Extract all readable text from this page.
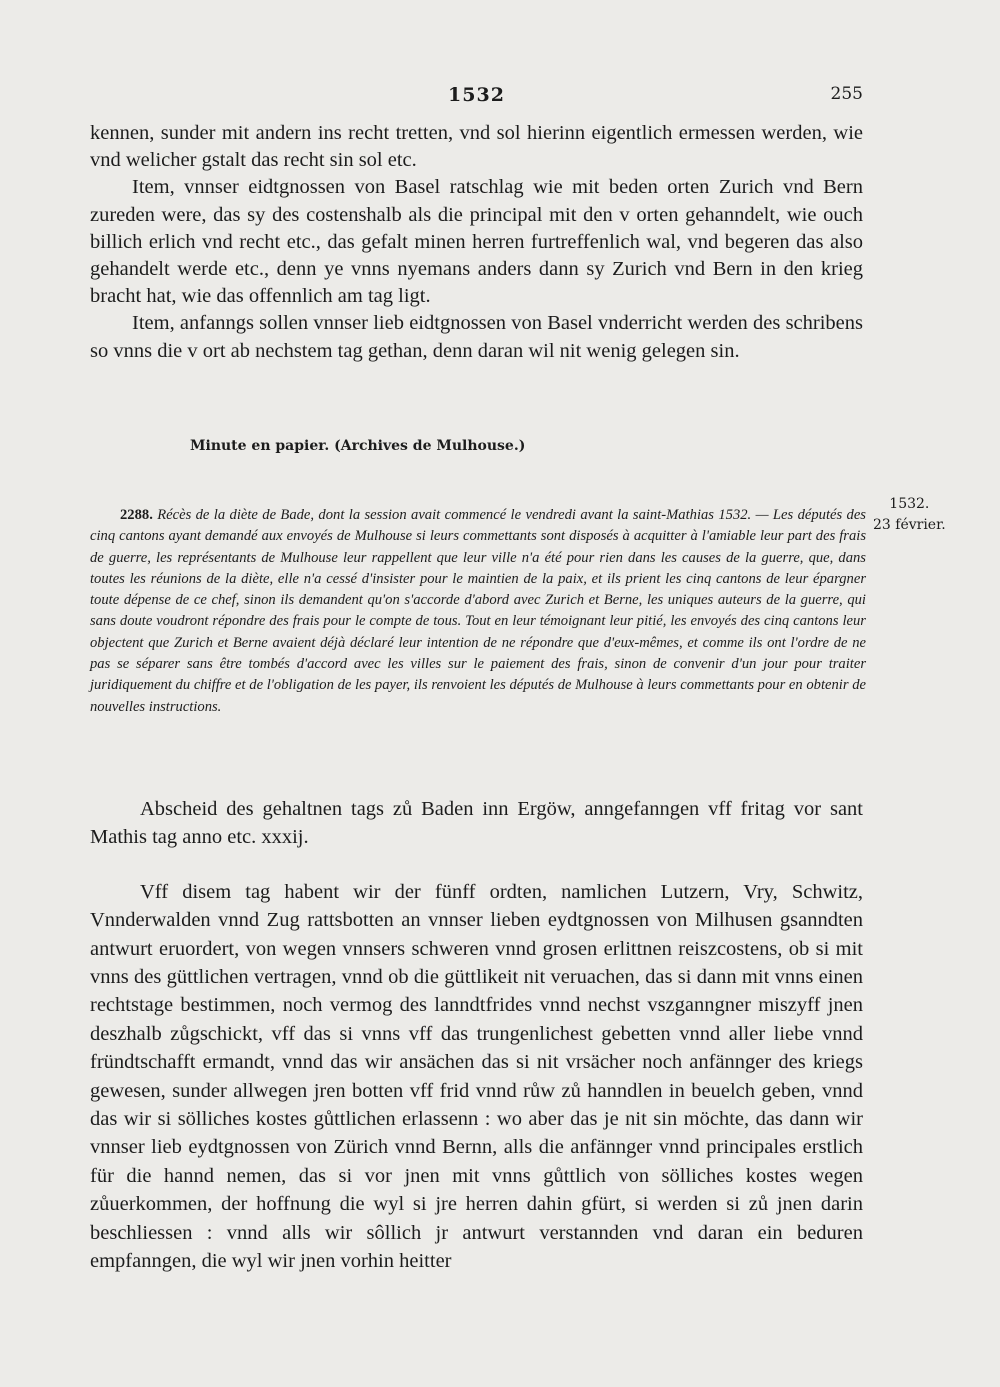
1532	255

kennen, sunder mit andern ins recht tretten, vnd sol hierinn eigentlich ermessen werden, wie vnd welicher gstalt das recht sin sol etc.

Item, vnnser eidtgnossen von Basel ratschlag wie mit beden orten Zurich vnd Bern zureden were, das sy des costenshalb als die principal mit den v orten gehanndelt, wie ouch billich erlich vnd recht etc., das gefalt minen herren furtreffenlich wal, vnd begeren das also gehandelt werde etc., denn ye vnns nyemans anders dann sy Zurich vnd Bern in den krieg bracht hat, wie das offennlich am tag ligt.

Item, anfanngs sollen vnnser lieb eidtgnossen von Basel vnderricht werden des schribens so vnns die v ort ab nechstem tag gethan, denn daran wil nit wenig gelegen sin.

Minute en papier. (Archives de Mulhouse.)
2288. Récès de la diète de Bade, dont la session avait commencé le vendredi avant la saint-Mathias 1532. — Les députés des cinq cantons ayant demandé aux envoyés de Mulhouse si leurs commettants sont disposés à acquitter à l'amiable leur part des frais de guerre, les représentants de Mulhouse leur rappellent que leur ville n'a été pour rien dans les causes de la guerre, que, dans toutes les réunions de la diète, elle n'a cessé d'insister pour le maintien de la paix, et ils prient les cinq cantons de leur épargner toute dépense de ce chef, sinon ils demandent qu'on s'accorde d'abord avec Zurich et Berne, les uniques auteurs de la guerre, qui sans doute voudront répondre des frais pour le compte de tous. Tout en leur témoignant leur pitié, les envoyés des cinq cantons leur objectent que Zurich et Berne avaient déjà déclaré leur intention de ne répondre que d'eux-mêmes, et comme ils ont l'ordre de ne pas se séparer sans être tombés d'accord avec les villes sur le paiement des frais, sinon de convenir d'un jour pour traiter juridiquement du chiffre et de l'obligation de les payer, ils renvoient les députés de Mulhouse à leurs commettants pour en obtenir de nouvelles instructions.
1532.
23 février.

Abscheid des gehaltnen tags zů Baden inn Ergöw, anngefanngen vff fritag vor sant Mathis tag anno etc. xxxij.

Vff disem tag habent wir der fünff ordten, namlichen Lutzern, Vry, Schwitz, Vnnderwalden vnnd Zug rattsbotten an vnnser lieben eydtgnossen von Milhusen gsanndten antwurt eruordert, von wegen vnnsers schweren vnnd grosen erlittnen reiszcostens, ob si mit vnns des güttlichen vertragen, vnnd ob die güttlikeit nit veruachen, das si dann mit vnns einen rechtstage bestimmen, noch vermog des lanndtfrides vnnd nechst vszganngner miszyff jnen deszhalb zůgschickt, vff das si vnns vff das trungenlichest gebetten vnnd aller liebe vnnd fründtschafft ermandt, vnnd das wir ansächen das si nit vrsächer noch anfännger des kriegs gewesen, sunder allwegen jren botten vff frid vnnd růw zů hanndlen in beuelch geben, vnnd das wir si sölliches kostes gůttlichen erlassenn : wo aber das je nit sin möchte, das dann wir vnnser lieb eydtgnossen von Zürich vnnd Bernn, alls die anfännger vnnd principales erstlich für die hannd nemen, das si vor jnen mit vnns gůttlich von sölliches kostes wegen zůuerkommen, der hoffnung die wyl si jre herren dahin gfürt, si werden si zů jnen darin beschliessen : vnnd alls wir sôllich jr antwurt verstannden vnd daran ein beduren empfanngen, die wyl wir jnen vorhin heitter
